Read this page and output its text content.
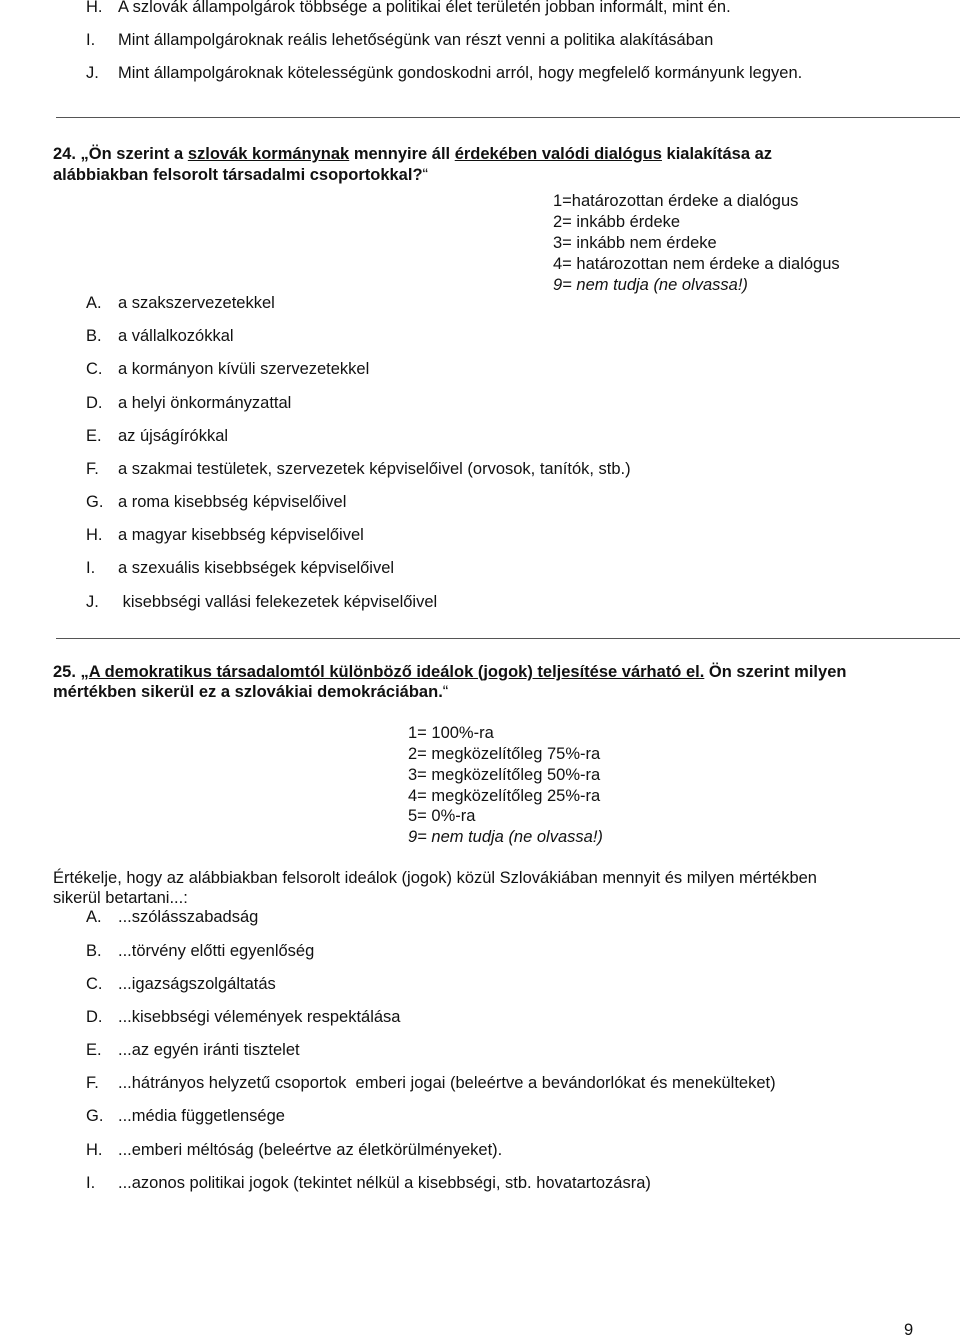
H. A szlovák állampolgárok többsége a politikai élet területén jobban informált, mint én.
I. Mint állampolgároknak reális lehetőségünk van részt venni a politika alakításában
J. Mint állampolgároknak kötelességünk gondoskodni arról, hogy megfelelő kormányunk legyen.
24. „Ön szerint a szlovák kormánynak mennyire áll érdekében valódi dialógus kialakítása az
alábbiakban felsorolt társadalmi csoportokkal?“
1=határozottan érdeke a dialógus
2= inkább érdeke
3= inkább nem érdeke
4= határozottan nem érdeke a dialógus
9= nem tudja (ne olvassa!)
A. a szakszervezetekkel
B. a vállalkozókkal
C. a kormányon kívüli szervezetekkel
D. a helyi önkormányzattal
E. az újságírókkal
F. a szakmai testületek, szervezetek képviselőivel (orvosok, tanítók, stb.)
G. a roma kisebbség képviselőivel
H. a magyar kisebbség képviselőivel
I. a szexuális kisebbségek képviselőivel
J. kisebbségi vallási felekezetek képviselőivel
25. „A demokratikus társadalomtól különböző ideálok (jogok) teljesítése várható el. Ön szerint milyen
mértékben sikerül ez a szlovákiai demokráciában.“
1= 100%-ra
2= megközelítőleg 75%-ra
3= megközelítőleg 50%-ra
4= megközelítőleg 25%-ra
5= 0%-ra
9= nem tudja (ne olvassa!)
Értékelje, hogy az alábbiakban felsorolt ideálok (jogok) közül Szlovákiában mennyit és milyen mértékben
sikerül betartani...:
A. ...szólásszabadság
B. ...törvény előtti egyenlőség
C. ...igazságszolgáltatás
D. ...kisebbségi vélemények respektálása
E. ...az egyén iránti tisztelet
F. ...hátrányos helyzetű csoportok  emberi jogai (beleértve a bevándorlókat és menekülteket)
G. ...média függetlensége
H. ...emberi méltóság (beleértve az életkörülményeket).
I. ...azonos politikai jogok (tekintet nélkül a kisebbségi, stb. hovatartozásra)
9
